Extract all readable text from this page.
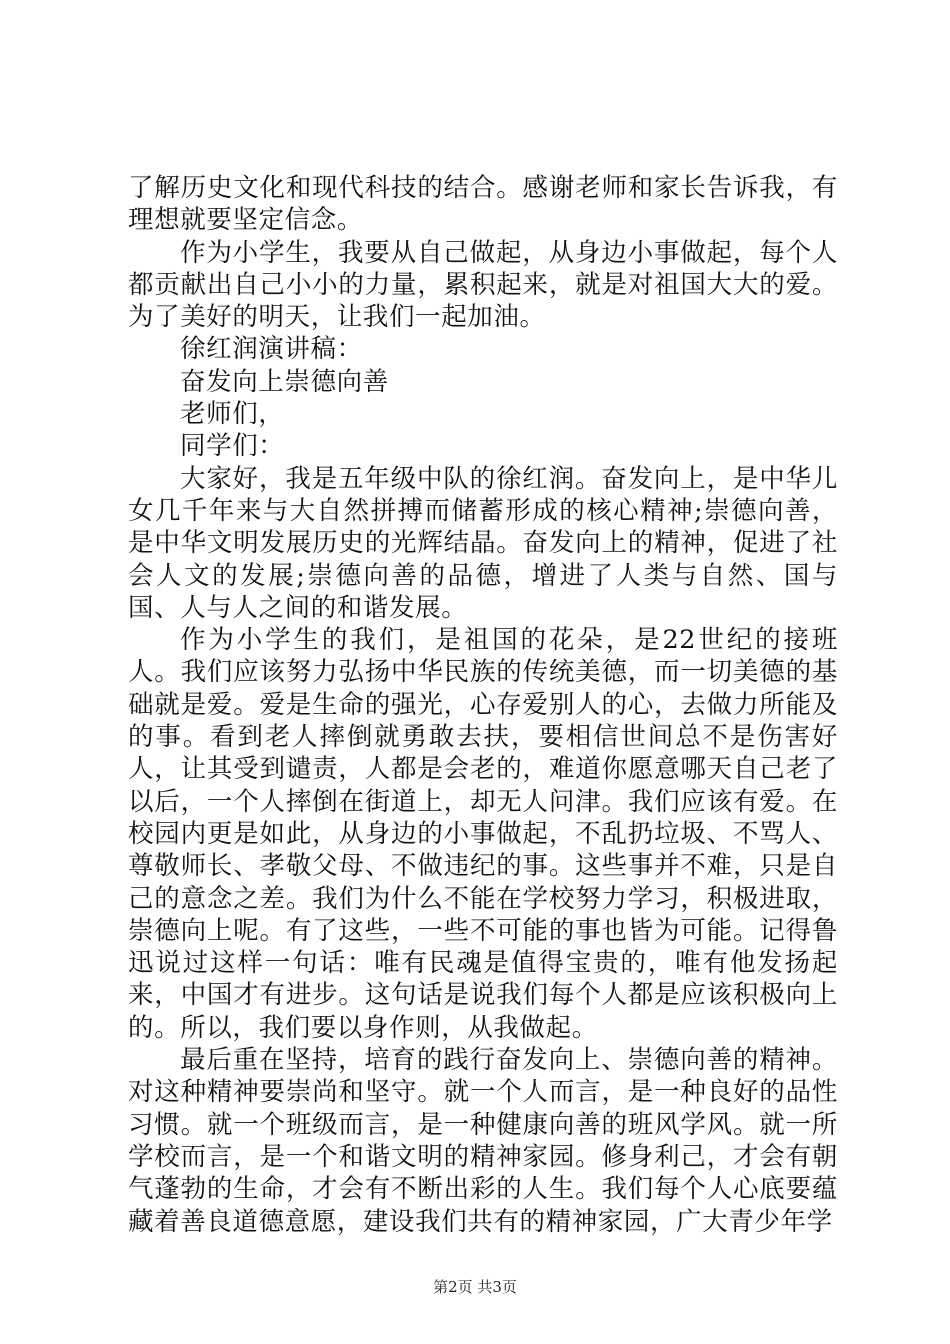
了解历史文化和现代科技的结合。感谢老师和家长告诉我，有理想就要坚定信念。

作为小学生，我要从自己做起，从身边小事做起，每个人都贡献出自己小小的力量，累积起来，就是对祖国大大的爱。为了美好的明天，让我们一起加油。

徐红润演讲稿：

奋发向上崇德向善

老师们，

同学们：

大家好，我是五年级中队的徐红润。奋发向上，是中华儿女几千年来与大自然拼搏而储蓄形成的核心精神;崇德向善，是中华文明发展历史的光辉结晶。奋发向上的精神，促进了社会人文的发展;崇德向善的品德，增进了人类与自然、国与国、人与人之间的和谐发展。

作为小学生的我们，是祖国的花朵，是22世纪的接班人。我们应该努力弘扬中华民族的传统美德，而一切美德的基础就是爱。爱是生命的强光，心存爱别人的心，去做力所能及的事。看到老人摔倒就勇敢去扶，要相信世间总不是伤害好人，让其受到谴责，人都是会老的，难道你愿意哪天自己老了以后，一个人摔倒在街道上，却无人问津。我们应该有爱。在校园内更是如此，从身边的小事做起，不乱扔垃圾、不骂人、尊敬师长、孝敬父母、不做违纪的事。这些事并不难，只是自己的意念之差。我们为什么不能在学校努力学习，积极进取，崇德向上呢。有了这些，一些不可能的事也皆为可能。记得鲁迅说过这样一句话：唯有民魂是值得宝贵的，唯有他发扬起来，中国才有进步。这句话是说我们每个人都是应该积极向上的。所以，我们要以身作则，从我做起。

最后重在坚持，培育的践行奋发向上、崇德向善的精神。对这种精神要崇尚和坚守。就一个人而言，是一种良好的品性习惯。就一个班级而言，是一种健康向善的班风学风。就一所学校而言，是一个和谐文明的精神家园。修身利己，才会有朝气蓬勃的生命，才会有不断出彩的人生。我们每个人心底要蕴藏着善良道德意愿，建设我们共有的精神家园，广大青少年学

第2页 共3页
